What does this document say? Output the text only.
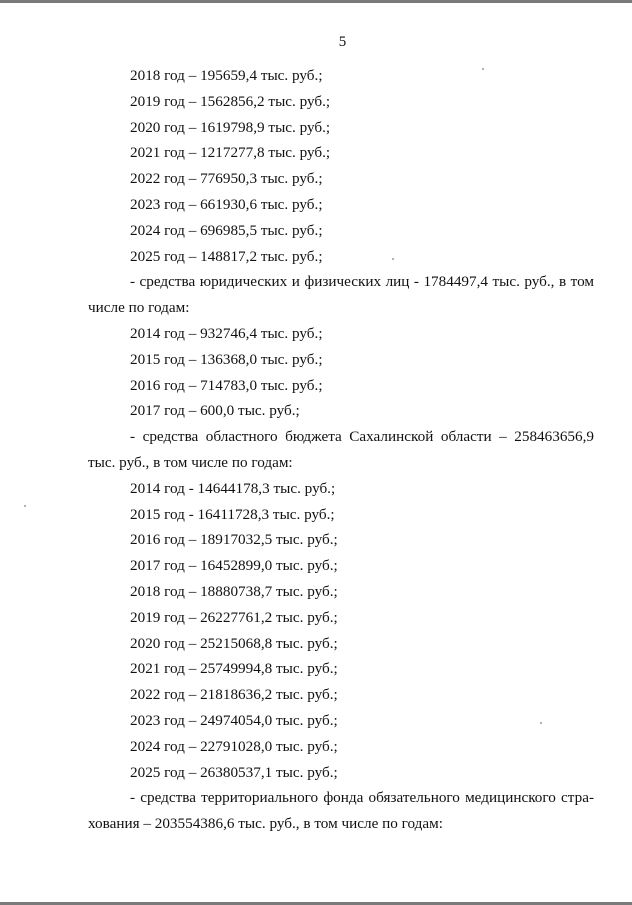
5
2018 год – 195659,4 тыс. руб.;
2019 год – 1562856,2 тыс. руб.;
2020 год – 1619798,9 тыс. руб.;
2021 год – 1217277,8 тыс. руб.;
2022 год – 776950,3 тыс. руб.;
2023 год – 661930,6 тыс. руб.;
2024 год – 696985,5 тыс. руб.;
2025 год – 148817,2 тыс. руб.;
- средства юридических и физических лиц - 1784497,4 тыс. руб., в том
числе по годам:
2014 год – 932746,4 тыс. руб.;
2015 год – 136368,0 тыс. руб.;
2016 год – 714783,0 тыс. руб.;
2017 год – 600,0 тыс. руб.;
- средства областного бюджета Сахалинской области – 258463656,9
тыс. руб., в том числе по годам:
2014 год - 14644178,3 тыс. руб.;
2015 год - 16411728,3 тыс. руб.;
2016 год – 18917032,5 тыс. руб.;
2017 год – 16452899,0 тыс. руб.;
2018 год – 18880738,7 тыс. руб.;
2019 год – 26227761,2 тыс. руб.;
2020 год – 25215068,8 тыс. руб.;
2021 год – 25749994,8 тыс. руб.;
2022 год – 21818636,2 тыс. руб.;
2023 год – 24974054,0 тыс. руб.;
2024 год – 22791028,0 тыс. руб.;
2025 год – 26380537,1 тыс. руб.;
- средства территориального фонда обязательного медицинского стра-
хования – 203554386,6 тыс. руб., в том числе по годам:
